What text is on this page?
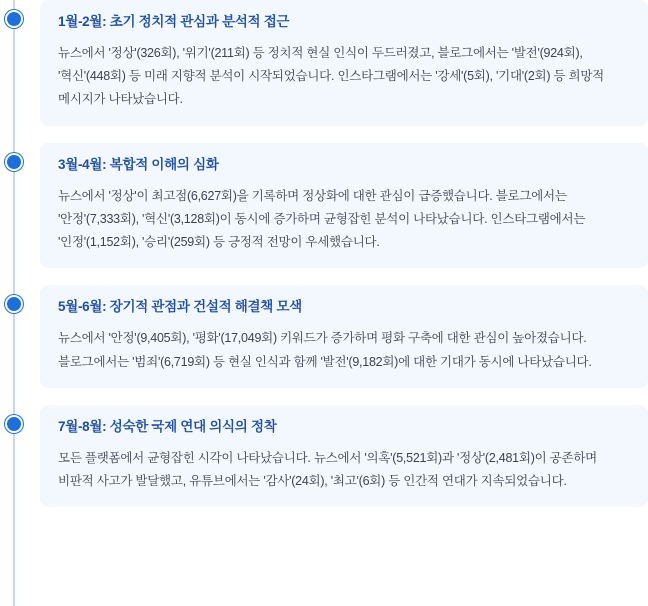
1월-2월: 초기 정치적 관심과 분석적 접근
뉴스에서 '정상'(326회), '위기'(211회) 등 정치적 현실 인식이 두드러졌고, 블로그에서는 '발전'(924회), '혁신'(448회) 등 미래 지향적 분석이 시작되었습니다. 인스타그램에서는 '강세'(5회), '기대'(2회) 등 희망적 메시지가 나타났습니다.
3월-4월: 복합적 이해의 심화
뉴스에서 '정상'이 최고점(6,627회)을 기록하며 정상화에 대한 관심이 급증했습니다. 블로그에서는 '안정'(7,333회), '혁신'(3,128회)이 동시에 증가하며 균형잡힌 분석이 나타났습니다. 인스타그램에서는 '인정'(1,152회), '승리'(259회) 등 긍정적 전망이 우세했습니다.
5월-6월: 장기적 관점과 건설적 해결책 모색
뉴스에서 '안정'(9,405회), '평화'(17,049회) 키워드가 증가하며 평화 구축에 대한 관심이 높아졌습니다. 블로그에서는 '범죄'(6,719회) 등 현실 인식과 함께 '발전'(9,182회)에 대한 기대가 동시에 나타났습니다.
7월-8월: 성숙한 국제 연대 의식의 정착
모든 플랫폼에서 균형잡힌 시각이 나타났습니다. 뉴스에서 '의혹'(5,521회)과 '정상'(2,481회)이 공존하며 비판적 사고가 발달했고, 유튜브에서는 '감사'(24회), '최고'(6회) 등 인간적 연대가 지속되었습니다.
